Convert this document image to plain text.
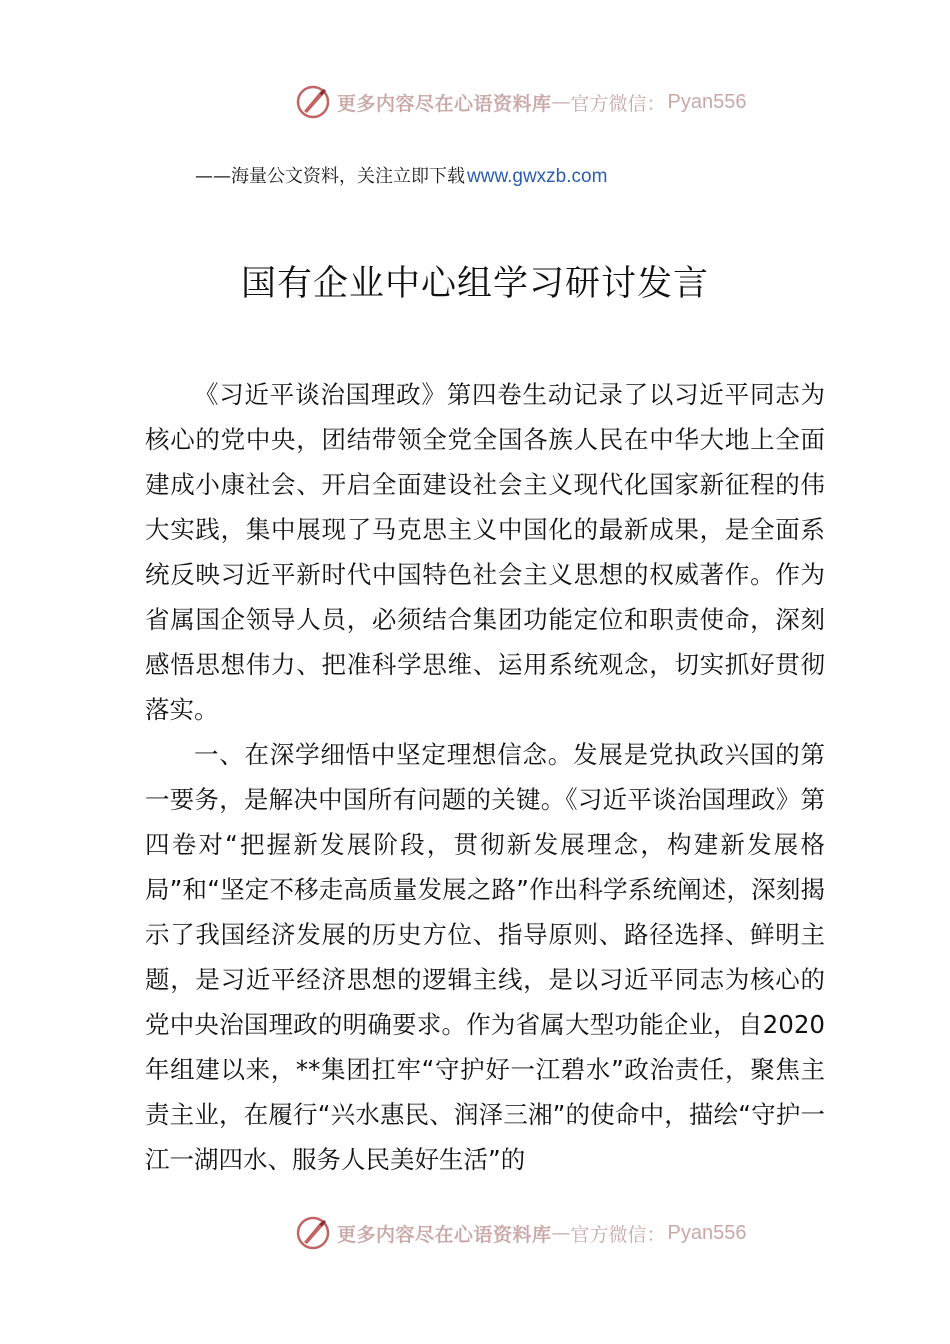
更多内容尽在心语资料库 — 官方微信： Pyan556
——海量公文资料，关注立即下载 www.gwxzb.com
国有企业中心组学习研讨发言

《习近平谈治国理政》第四卷生动记录了以习近平同志为核心的党中央，团结带领全党全国各族人民在中华大地上全面建成小康社会、开启全面建设社会主义现代化国家新征程的伟大实践，集中展现了马克思主义中国化的最新成果，是全面系统反映习近平新时代中国特色社会主义思想的权威著作。作为省属国企领导人员，必须结合集团功能定位和职责使命，深刻感悟思想伟力、把准科学思维、运用系统观念，切实抓好贯彻落实。

一、在深学细悟中坚定理想信念。发展是党执政兴国的第一要务，是解决中国所有问题的关键。《习近平谈治国理政》第四卷对“把握新发展阶段，贯彻新发展理念，构建新发展格局”和“坚定不移走高质量发展之路”作出科学系统阐述，深刻揭示了我国经济发展的历史方位、指导原则、路径选择、鲜明主题，是习近平经济思想的逻辑主线，是以习近平同志为核心的党中央治国理政的明确要求。作为省属大型功能企业，自2020年组建以来，**集团扛牢“守护好一江碧水”政治责任，聚焦主责主业，在履行“兴水惠民、润泽三湘”的使命中，描绘“守护一江一湖四水、服务人民美好生活”的

更多内容尽在心语资料库 — 官方微信： Pyan556
